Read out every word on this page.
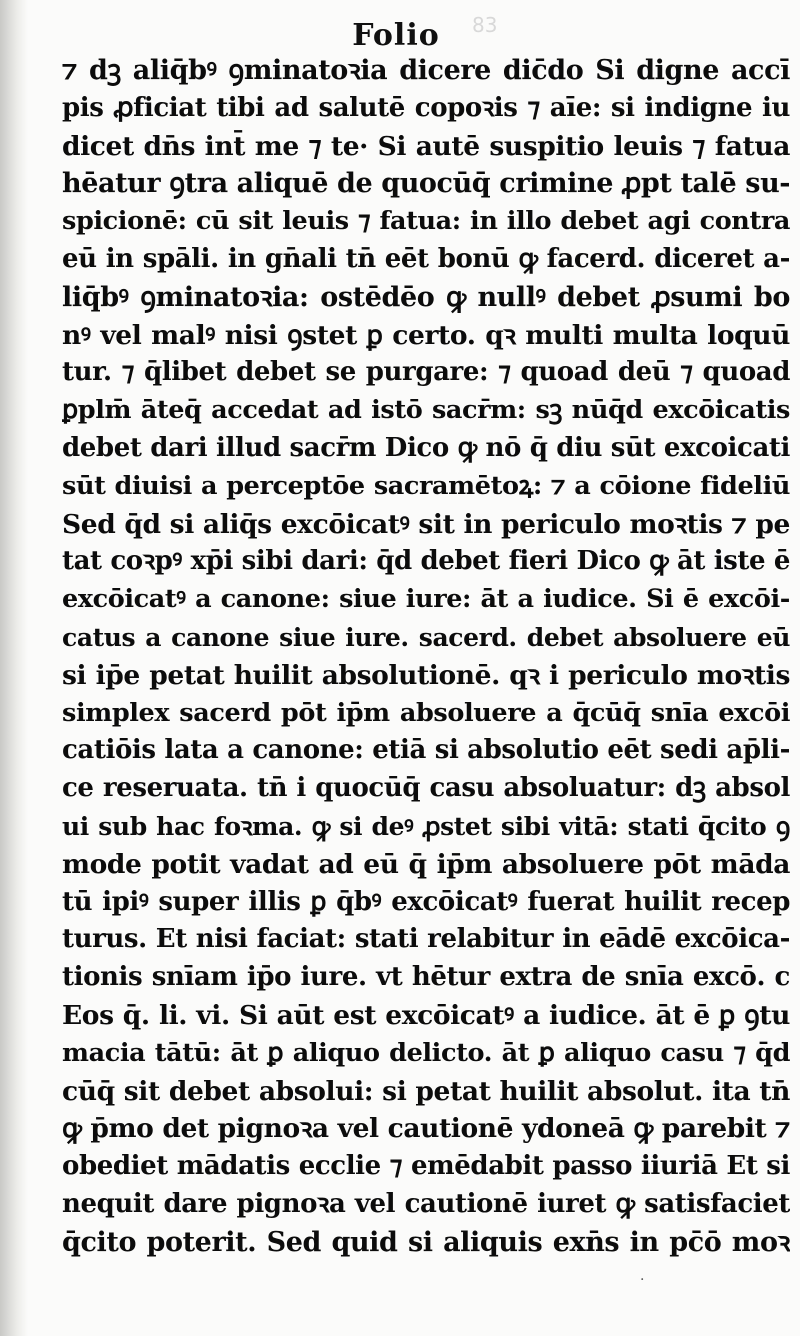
Folio	83
⁊ dꝫ aliq̄bꝰ ꝯminatoꝛia dicere dic̄do Si digne accī
pis ꝓficiat tibi ad salutē copoꝛis ⁊ aīe: si indigne iu
dicet dn̄s int̄ me ⁊ te· Si autē suspitio leuis ⁊ fatua
hēatur ꝯtra aliquē de quocūq̄ crimine ꝓpt talē su-
spicionē: cū sit leuis ⁊ fatua: in illo debet agi contra
eū in spāli. in gn̄ali tn̄ eēt bonū ꝙ facerd. diceret a-
liq̄bꝰ ꝯminatoꝛia: ostēdēo ꝙ nullꝰ debet ꝓsumi bo
nꝰ vel malꝰ nisi ꝯstet ꝑ certo. qꝛ multi multa loquū
tur. ⁊ q̄libet debet se purgare: ⁊ quoad deū ⁊ quoad
ꝑplm̄ āteq̄ accedat ad istō sacr̄m: sꝫ nūq̄d excōicatis
debet dari illud sacr̄m Dico ꝙ nō q̄ diu sūt excoicati
sūt diuisi a perceptōe sacramētoꝝ: ⁊ a cōione fideliū
Sed q̄d si aliq̄s excōicatꝰ sit in periculo moꝛtis ⁊ pe
tat coꝛpꝰ xp̄i sibi dari: q̄d debet fieri Dico ꝙ āt iste ē
excōicatꝰ a canone: siue iure: āt a iudice. Si ē excōi-
catus a canone siue iure. sacerd. debet absoluere eū
si ip̄e petat huilit absolutionē. qꝛ i periculo moꝛtis
simplex sacerd pōt ip̄m absoluere a q̄cūq̄ snīa excōi
catiōis lata a canone: etiā si absolutio eēt sedi ap̄li-
ce reseruata. tn̄ i quocūq̄ casu absoluatur: dꝫ absol
ui sub hac foꝛma. ꝙ si deꝰ ꝓstet sibi vitā: stati q̄cito ꝯ
mode potit vadat ad eū q̄ ip̄m absoluere pōt māda
tū ipiꝰ super illis ꝑ q̄bꝰ excōicatꝰ fuerat huilit recep
turus. Et nisi faciat: stati relabitur in eādē excōica-
tionis snīam ip̄o iure. vt hētur extra de snīa excō. c
Eos q̄. li. vi. Si aūt est excōicatꝰ a iudice. āt ē ꝑ ꝯtu
macia tātū: āt ꝑ aliquo delicto. āt ꝑ aliquo casu ⁊ q̄d
cūq̄ sit debet absolui: si petat huilit absolut. ita tn̄
ꝙ p̄mo det pignoꝛa vel cautionē ydoneā ꝙ parebit ⁊
obediet mādatis ecclie ⁊ emēdabit passo iiuriā Et si
nequit dare pignoꝛa vel cautionē iuret ꝙ satisfaciet
q̄cito poterit. Sed quid si aliquis exn̄s in pc̄ō moꝛ
·
